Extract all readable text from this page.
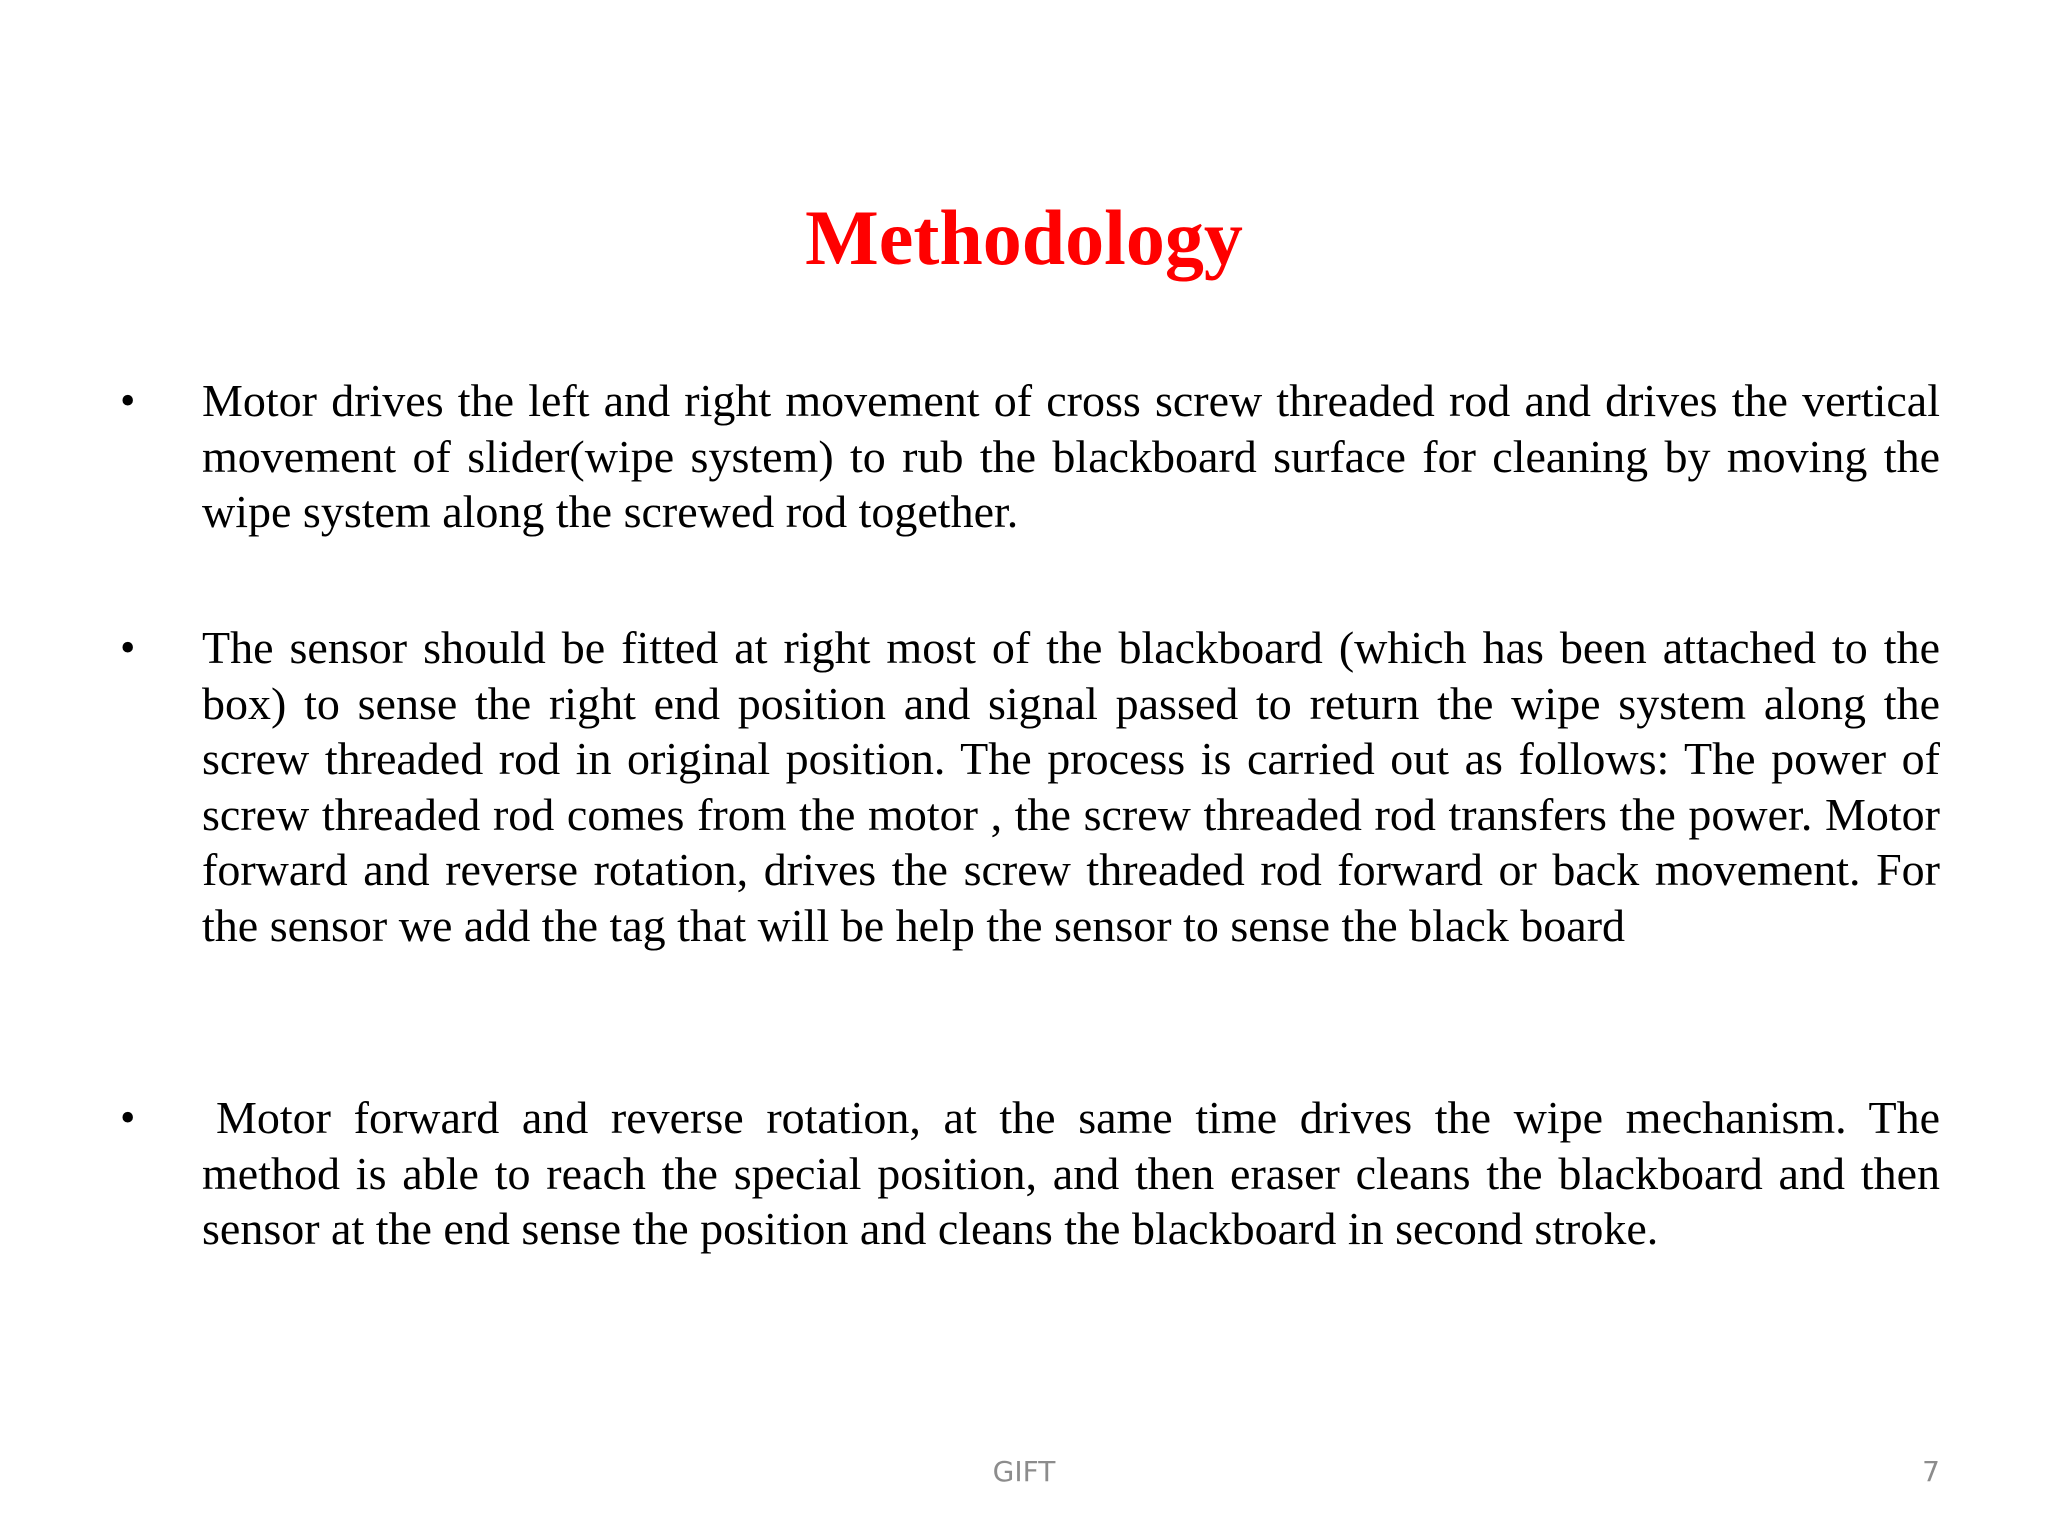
Methodology
• Motor drives the left and right movement of cross screw threaded rod and drives the vertical movement of slider(wipe system) to rub the blackboard surface for cleaning by moving the wipe system along the screwed rod together.

• The sensor should be fitted at right most of the blackboard (which has been attached to the box) to sense the right end position and signal passed to return the wipe system along the screw threaded rod in original position. The process is carried out as follows: The power of screw threaded rod comes from the motor , the screw threaded rod transfers the power. Motor forward and reverse rotation, drives the screw threaded rod forward or back movement. For the sensor we add the tag that will be help the sensor to sense the black board

•	Motor forward and reverse rotation, at the same time drives the wipe mechanism. The method is able to reach the special position, and then eraser cleans the blackboard and then sensor at the end sense the position and cleans the blackboard in second stroke.

GIFT	7
